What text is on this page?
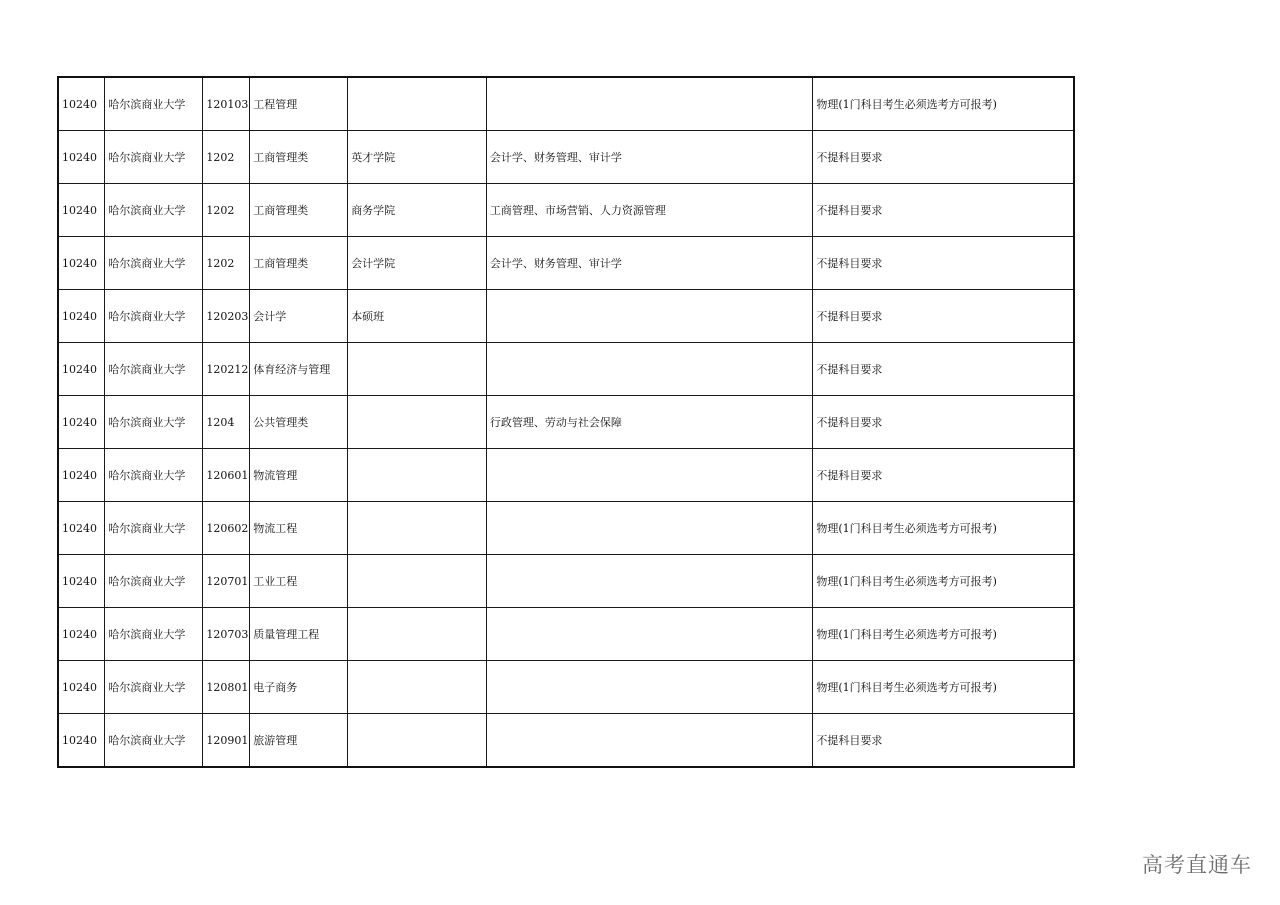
10240	哈尔滨商业大学	120103	工程管理			物理(1门科目考生必须选考方可报考)
10240	哈尔滨商业大学	1202	工商管理类	英才学院	会计学、财务管理、审计学	不提科目要求
10240	哈尔滨商业大学	1202	工商管理类	商务学院	工商管理、市场营销、人力资源管理	不提科目要求
10240	哈尔滨商业大学	1202	工商管理类	会计学院	会计学、财务管理、审计学	不提科目要求
10240	哈尔滨商业大学	120203	会计学	本硕班		不提科目要求
10240	哈尔滨商业大学	120212	体育经济与管理			不提科目要求
10240	哈尔滨商业大学	1204	公共管理类		行政管理、劳动与社会保障	不提科目要求
10240	哈尔滨商业大学	120601	物流管理			不提科目要求
10240	哈尔滨商业大学	120602	物流工程			物理(1门科目考生必须选考方可报考)
10240	哈尔滨商业大学	120701	工业工程			物理(1门科目考生必须选考方可报考)
10240	哈尔滨商业大学	120703	质量管理工程			物理(1门科目考生必须选考方可报考)
10240	哈尔滨商业大学	120801	电子商务			物理(1门科目考生必须选考方可报考)
10240	哈尔滨商业大学	120901	旅游管理			不提科目要求
高考直通车
